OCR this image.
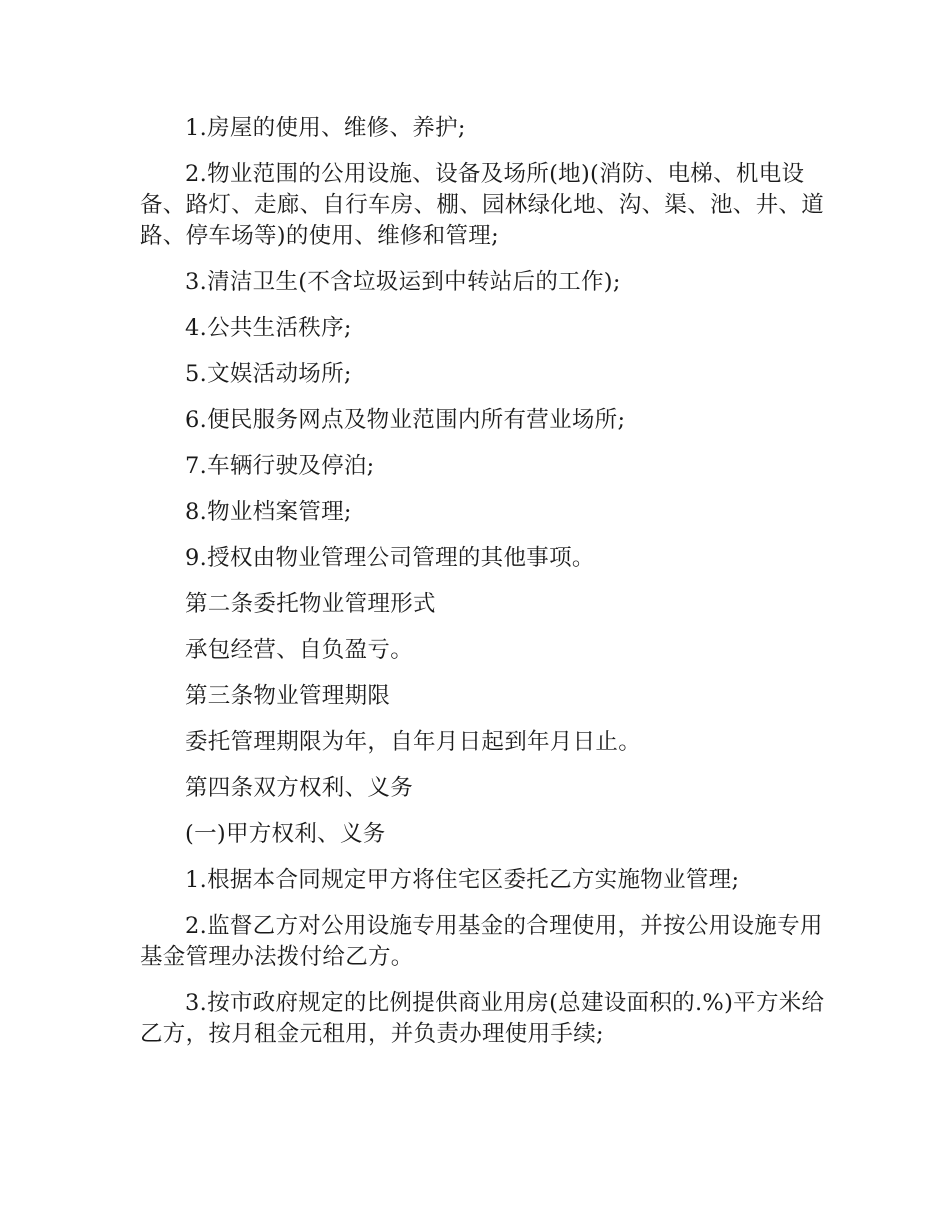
1.房屋的使用、维修、养护;

2.物业范围的公用设施、设备及场所(地)(消防、电梯、机电设备、路灯、走廊、自行车房、棚、园林绿化地、沟、渠、池、井、道路、停车场等)的使用、维修和管理;

3.清洁卫生(不含垃圾运到中转站后的工作);

4.公共生活秩序;

5.文娱活动场所;

6.便民服务网点及物业范围内所有营业场所;

7.车辆行驶及停泊;

8.物业档案管理;

9.授权由物业管理公司管理的其他事项。

第二条委托物业管理形式

承包经营、自负盈亏。

第三条物业管理期限

委托管理期限为年，自年月日起到年月日止。

第四条双方权利、义务

(一)甲方权利、义务

1.根据本合同规定甲方将住宅区委托乙方实施物业管理;

2.监督乙方对公用设施专用基金的合理使用，并按公用设施专用基金管理办法拨付给乙方。

3.按市政府规定的比例提供商业用房(总建设面积的.%)平方米给乙方，按月租金元租用，并负责办理使用手续;
